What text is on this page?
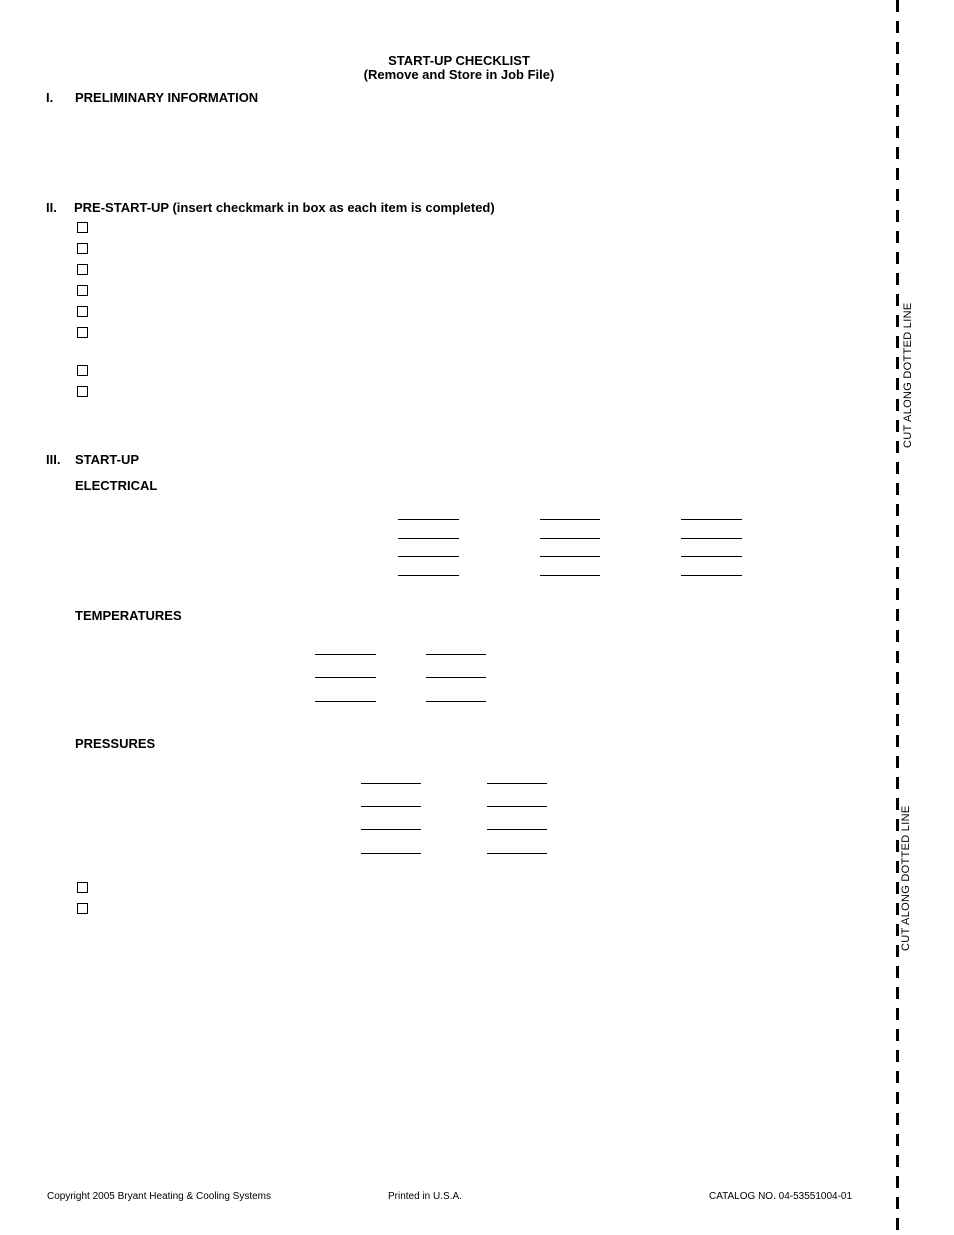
START-UP CHECKLIST
(Remove and Store in Job File)
I. PRELIMINARY INFORMATION
II. PRE-START-UP (insert checkmark in box as each item is completed)
III. START-UP
ELECTRICAL
TEMPERATURES
PRESSURES
CUT ALONG DOTTED LINE
CUT ALONG DOTTED LINE
Copyright 2005 Bryant Heating & Cooling Systems	Printed in U.S.A.	CATALOG NO. 04-53551004-01
